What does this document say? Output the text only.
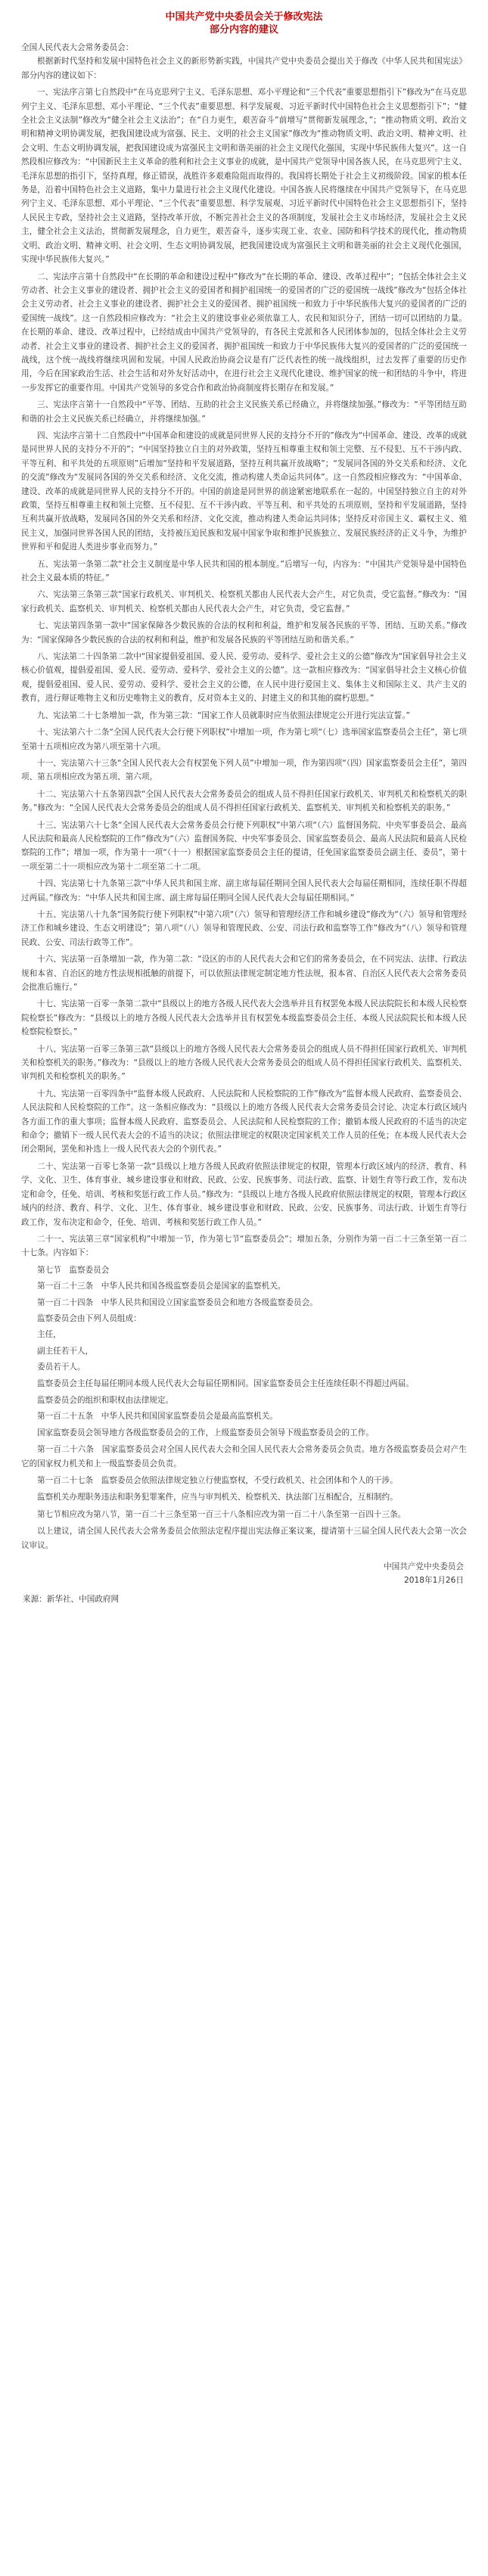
中国共产党中央委员会关于修改宪法
部分内容的建议

全国人民代表大会常务委员会：

根据新时代坚持和发展中国特色社会主义的新形势新实践，中国共产党中央委员会提出关于修改《中华人民共和国宪法》部分内容的建议如下：

一、宪法序言第七自然段中“在马克思列宁主义、毛泽东思想、邓小平理论和“三个代表”重要思想指引下”修改为“在马克思列宁主义、毛泽东思想、邓小平理论、“三个代表”重要思想、科学发展观、习近平新时代中国特色社会主义思想指引下”；“健全社会主义法制”修改为“健全社会主义法治”；在“自力更生，艰苦奋斗”前增写“贯彻新发展理念，”；“推动物质文明、政治文明和精神文明协调发展，把我国建设成为富强、民主、文明的社会主义国家”修改为“推动物质文明、政治文明、精神文明、社会文明、生态文明协调发展，把我国建设成为富强民主文明和谐美丽的社会主义现代化强国，实现中华民族伟大复兴”。这一自然段相应修改为：“中国新民主主义革命的胜利和社会主义事业的成就，是中国共产党领导中国各族人民，在马克思列宁主义、毛泽东思想的指引下，坚持真理，修正错误，战胜许多艰难险阻而取得的。我国将长期处于社会主义初级阶段。国家的根本任务是，沿着中国特色社会主义道路，集中力量进行社会主义现代化建设。中国各族人民将继续在中国共产党领导下，在马克思列宁主义、毛泽东思想、邓小平理论、“三个代表”重要思想、科学发展观、习近平新时代中国特色社会主义思想指引下，坚持人民民主专政，坚持社会主义道路，坚持改革开放，不断完善社会主义的各项制度，发展社会主义市场经济，发展社会主义民主，健全社会主义法治，贯彻新发展理念，自力更生，艰苦奋斗，逐步实现工业、农业、国防和科学技术的现代化，推动物质文明、政治文明、精神文明、社会文明、生态文明协调发展，把我国建设成为富强民主文明和谐美丽的社会主义现代化强国，实现中华民族伟大复兴。”

二、宪法序言第十自然段中“在长期的革命和建设过程中”修改为“在长期的革命、建设、改革过程中”；“包括全体社会主义劳动者、社会主义事业的建设者、拥护社会主义的爱国者和拥护祖国统一的爱国者的广泛的爱国统一战线”修改为“包括全体社会主义劳动者、社会主义事业的建设者、拥护社会主义的爱国者、拥护祖国统一和致力于中华民族伟大复兴的爱国者的广泛的爱国统一战线”。这一自然段相应修改为：“社会主义的建设事业必须依靠工人、农民和知识分子，团结一切可以团结的力量。在长期的革命、建设、改革过程中，已经结成由中国共产党领导的，有各民主党派和各人民团体参加的，包括全体社会主义劳动者、社会主义事业的建设者、拥护社会主义的爱国者、拥护祖国统一和致力于中华民族伟大复兴的爱国者的广泛的爱国统一战线，这个统一战线将继续巩固和发展。中国人民政治协商会议是有广泛代表性的统一战线组织，过去发挥了重要的历史作用，今后在国家政治生活、社会生活和对外友好活动中，在进行社会主义现代化建设、维护国家的统一和团结的斗争中，将进一步发挥它的重要作用。中国共产党领导的多党合作和政治协商制度将长期存在和发展。”

三、宪法序言第十一自然段中“平等、团结、互助的社会主义民族关系已经确立，并将继续加强。”修改为：“平等团结互助和谐的社会主义民族关系已经确立，并将继续加强。”

四、宪法序言第十二自然段中“中国革命和建设的成就是同世界人民的支持分不开的”修改为“中国革命、建设、改革的成就是同世界人民的支持分不开的”；“中国坚持独立自主的对外政策，坚持互相尊重主权和领土完整、互不侵犯、互不干涉内政、平等互利、和平共处的五项原则”后增加“坚持和平发展道路，坚持互利共赢开放战略”；“发展同各国的外交关系和经济、文化的交流”修改为“发展同各国的外交关系和经济、文化交流，推动构建人类命运共同体”。这一自然段相应修改为：“中国革命、建设、改革的成就是同世界人民的支持分不开的。中国的前途是同世界的前途紧密地联系在一起的。中国坚持独立自主的对外政策，坚持互相尊重主权和领土完整、互不侵犯、互不干涉内政、平等互利、和平共处的五项原则，坚持和平发展道路，坚持互利共赢开放战略，发展同各国的外交关系和经济、文化交流，推动构建人类命运共同体；坚持反对帝国主义、霸权主义、殖民主义，加强同世界各国人民的团结，支持被压迫民族和发展中国家争取和维护民族独立、发展民族经济的正义斗争，为维护世界和平和促进人类进步事业而努力。”

五、宪法第一条第二款“社会主义制度是中华人民共和国的根本制度。”后增写一句，内容为：“中国共产党领导是中国特色社会主义最本质的特征。”

六、宪法第三条第三款“国家行政机关、审判机关、检察机关都由人民代表大会产生，对它负责，受它监督。”修改为：“国家行政机关、监察机关、审判机关、检察机关都由人民代表大会产生，对它负责，受它监督。”

七、宪法第四条第一款中“国家保障各少数民族的合法的权利和利益，维护和发展各民族的平等、团结、互助关系。”修改为：“国家保障各少数民族的合法的权利和利益，维护和发展各民族的平等团结互助和谐关系。”

八、宪法第二十四条第二款中“国家提倡爱祖国、爱人民、爱劳动、爱科学、爱社会主义的公德”修改为“国家倡导社会主义核心价值观，提倡爱祖国、爱人民、爱劳动、爱科学、爱社会主义的公德”。这一款相应修改为：“国家倡导社会主义核心价值观，提倡爱祖国、爱人民、爱劳动、爱科学、爱社会主义的公德，在人民中进行爱国主义、集体主义和国际主义、共产主义的教育，进行辩证唯物主义和历史唯物主义的教育，反对资本主义的、封建主义的和其他的腐朽思想。”

九、宪法第二十七条增加一款，作为第三款：“国家工作人员就职时应当依照法律规定公开进行宪法宣誓。”

十、宪法第六十二条“全国人民代表大会行使下列职权”中增加一项，作为第七项“（七）选举国家监察委员会主任”，第七项至第十五项相应改为第八项至第十六项。

十一、宪法第六十三条“全国人民代表大会有权罢免下列人员”中增加一项，作为第四项“（四）国家监察委员会主任”，第四项、第五项相应改为第五项、第六项。

十二、宪法第六十五条第四款“全国人民代表大会常务委员会的组成人员不得担任国家行政机关、审判机关和检察机关的职务。”修改为：“全国人民代表大会常务委员会的组成人员不得担任国家行政机关、监察机关、审判机关和检察机关的职务。”

十三、宪法第六十七条“全国人民代表大会常务委员会行使下列职权”中第六项“（六）监督国务院、中央军事委员会、最高人民法院和最高人民检察院的工作”修改为“（六）监督国务院、中央军事委员会、国家监察委员会、最高人民法院和最高人民检察院的工作”；增加一项，作为第十一项“（十一）根据国家监察委员会主任的提请，任免国家监察委员会副主任、委员”，第十一项至第二十一项相应改为第十二项至第二十二项。

十四、宪法第七十九条第三款“中华人民共和国主席、副主席每届任期同全国人民代表大会每届任期相同，连续任职不得超过两届。”修改为：“中华人民共和国主席、副主席每届任期同全国人民代表大会每届任期相同。”

十五、宪法第八十九条“国务院行使下列职权”中第六项“（六）领导和管理经济工作和城乡建设”修改为“（六）领导和管理经济工作和城乡建设、生态文明建设”；第八项“（八）领导和管理民政、公安、司法行政和监察等工作”修改为“（八）领导和管理民政、公安、司法行政等工作”。

十六、宪法第一百条增加一款，作为第二款：“设区的市的人民代表大会和它们的常务委员会，在不同宪法、法律、行政法规和本省、自治区的地方性法规相抵触的前提下，可以依照法律规定制定地方性法规，报本省、自治区人民代表大会常务委员会批准后施行。”

十七、宪法第一百零一条第二款中“县级以上的地方各级人民代表大会选举并且有权罢免本级人民法院院长和本级人民检察院检察长”修改为：“县级以上的地方各级人民代表大会选举并且有权罢免本级监察委员会主任、本级人民法院院长和本级人民检察院检察长。”

十八、宪法第一百零三条第三款“县级以上的地方各级人民代表大会常务委员会的组成人员不得担任国家行政机关、审判机关和检察机关的职务。”修改为：“县级以上的地方各级人民代表大会常务委员会的组成人员不得担任国家行政机关、监察机关、审判机关和检察机关的职务。”

十九、宪法第一百零四条中“监督本级人民政府、人民法院和人民检察院的工作”修改为“监督本级人民政府、监察委员会、人民法院和人民检察院的工作”。这一条相应修改为：“县级以上的地方各级人民代表大会常务委员会讨论、决定本行政区域内各方面工作的重大事项；监督本级人民政府、监察委员会、人民法院和人民检察院的工作；撤销本级人民政府的不适当的决定和命令；撤销下一级人民代表大会的不适当的决议；依照法律规定的权限决定国家机关工作人员的任免；在本级人民代表大会闭会期间，罢免和补选上一级人民代表大会的个别代表。”

二十、宪法第一百零七条第一款“县级以上地方各级人民政府依照法律规定的权限，管理本行政区域内的经济、教育、科学、文化、卫生、体育事业、城乡建设事业和财政、民政、公安、民族事务、司法行政、监察、计划生育等行政工作，发布决定和命令，任免、培训、考核和奖惩行政工作人员。”修改为：“县级以上地方各级人民政府依照法律规定的权限，管理本行政区域内的经济、教育、科学、文化、卫生、体育事业、城乡建设事业和财政、民政、公安、民族事务、司法行政、计划生育等行政工作，发布决定和命令，任免、培训、考核和奖惩行政工作人员。”

二十一、宪法第三章“国家机构”中增加一节，作为第七节“监察委员会”；增加五条，分别作为第一百二十三条至第一百二十七条。内容如下：

第七节　监察委员会

第一百二十三条　中华人民共和国各级监察委员会是国家的监察机关。

第一百二十四条　中华人民共和国设立国家监察委员会和地方各级监察委员会。

监察委员会由下列人员组成：

主任，

副主任若干人，

委员若干人。

监察委员会主任每届任期同本级人民代表大会每届任期相同。国家监察委员会主任连续任职不得超过两届。

监察委员会的组织和职权由法律规定。

第一百二十五条　中华人民共和国国家监察委员会是最高监察机关。

国家监察委员会领导地方各级监察委员会的工作，上级监察委员会领导下级监察委员会的工作。

第一百二十六条　国家监察委员会对全国人民代表大会和全国人民代表大会常务委员会负责。地方各级监察委员会对产生它的国家权力机关和上一级监察委员会负责。

第一百二十七条　监察委员会依照法律规定独立行使监察权，不受行政机关、社会团体和个人的干涉。

监察机关办理职务违法和职务犯罪案件，应当与审判机关、检察机关、执法部门互相配合，互相制约。

第七节相应改为第八节，第一百二十三条至第一百三十八条相应改为第一百二十八条至第一百四十三条。

以上建议，请全国人民代表大会常务委员会依照法定程序提出宪法修正案议案，提请第十三届全国人民代表大会第一次会议审议。

中国共产党中央委员会

2018年1月26日

来源：新华社、中国政府网
